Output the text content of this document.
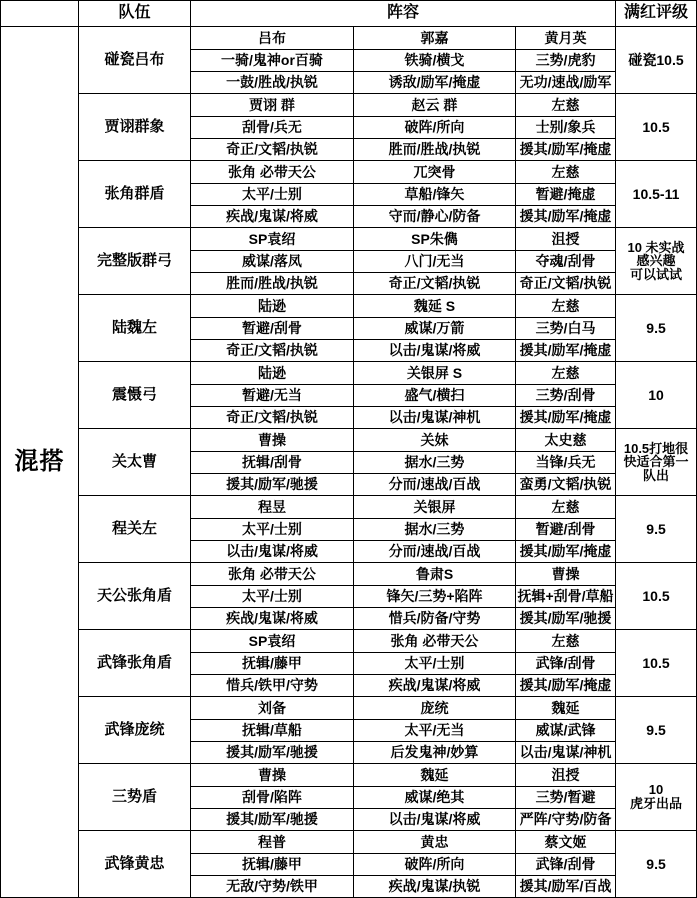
	队伍	阵容			满红评级
混搭	碰瓷吕布	吕布	郭嘉	黄月英	碰瓷10.5
		一骑/鬼神or百骑	铁骑/横戈	三势/虎豹	
		一鼓/胜战/执锐	诱敌/励军/掩虚	无功/速战/励军	
	贾诩群象	贾诩 群	赵云 群	左慈	10.5
		刮骨/兵无	破阵/所向	士别/象兵	
		奇正/文韬/执锐	胜而/胜战/执锐	援其/励军/掩虚	
	张角群盾	张角 必带天公	兀突骨	左慈	10.5-11
		太平/士别	草船/锋矢	暂避/掩虚	
		疾战/鬼谋/将威	守而/静心/防备	援其/励军/掩虚	
	完整版群弓	SP袁绍	SP朱儁	沮授	10 未实战
感兴趣
可以试试
		威谋/落凤	八门/无当	夺魂/刮骨	
		胜而/胜战/执锐	奇正/文韬/执锐	奇正/文韬/执锐	
	陆魏左	陆逊	魏延 S	左慈	9.5
		暂避/刮骨	威谋/万箭	三势/白马	
		奇正/文韬/执锐	以击/鬼谋/将威	援其/励军/掩虚	
	震慑弓	陆逊	关银屏 S	左慈	10
		暂避/无当	盛气/横扫	三势/刮骨	
		奇正/文韬/执锐	以击/鬼谋/神机	援其/励军/掩虚	
	关太曹	曹操	关妹	太史慈	10.5打地很
快适合第一
队出
		抚辑/刮骨	据水/三势	当锋/兵无	
		援其/励军/驰援	分而/速战/百战	蛮勇/文韬/执锐	
	程关左	程昱	关银屏	左慈	9.5
		太平/士别	据水/三势	暂避/刮骨	
		以击/鬼谋/将威	分而/速战/百战	援其/励军/掩虚	
	天公张角盾	张角 必带天公	鲁肃S	曹操	10.5
		太平/士别	锋矢/三势+陷阵	抚辑+刮骨/草船	
		疾战/鬼谋/将威	惜兵/防备/守势	援其/励军/驰援	
	武锋张角盾	SP袁绍	张角 必带天公	左慈	10.5
		抚辑/藤甲	太平/士别	武锋/刮骨	
		惜兵/铁甲/守势	疾战/鬼谋/将威	援其/励军/掩虚	
	武锋庞统	刘备	庞统	魏延	9.5
		抚辑/草船	太平/无当	威谋/武锋	
		援其/励军/驰援	后发鬼神/妙算	以击/鬼谋/神机	
	三势盾	曹操	魏延	沮授	10
虎牙出品
		刮骨/陷阵	威谋/绝其	三势/暂避	
		援其/励军/驰援	以击/鬼谋/将威	严阵/守势/防备	
	武锋黄忠	程普	黄忠	蔡文姬	9.5
		抚辑/藤甲	破阵/所向	武锋/刮骨	
		无敌/守势/铁甲	疾战/鬼谋/执锐	援其/励军/百战	
